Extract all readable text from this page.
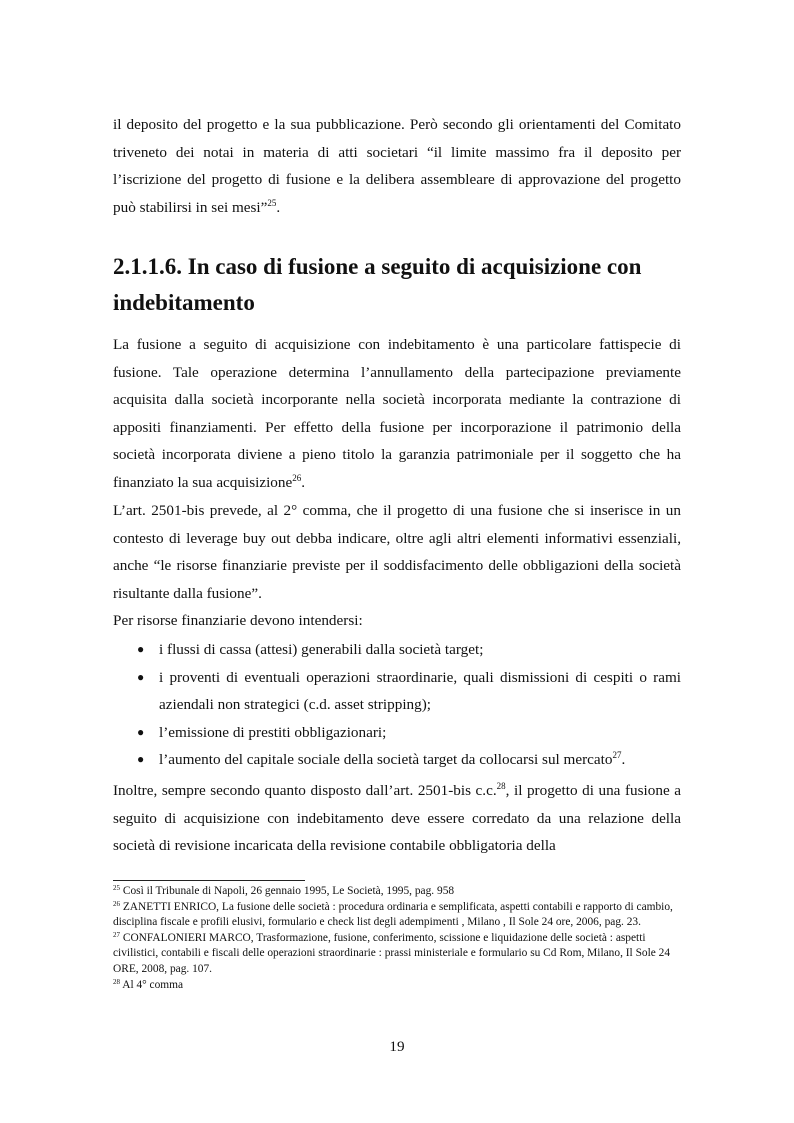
il deposito del progetto e la sua pubblicazione. Però secondo gli orientamenti del Comitato triveneto dei notai in materia di atti societari “il limite massimo fra il deposito per l’iscrizione del progetto di fusione e la delibera assembleare di approvazione del progetto può stabilirsi in sei mesi”$^{25}$.

2.1.1.6. In caso di fusione a seguito di acquisizione con indebitamento

La fusione a seguito di acquisizione con indebitamento è una particolare fattispecie di fusione. Tale operazione determina l’annullamento della partecipazione previamente acquisita dalla società incorporante nella società incorporata mediante la contrazione di appositi finanziamenti. Per effetto della fusione per incorporazione il patrimonio della società incorporata diviene a pieno titolo la garanzia patrimoniale per il soggetto che ha finanziato la sua acquisizione$^{26}$.

L’art. 2501-bis prevede, al 2° comma, che il progetto di una fusione che si inserisce in un contesto di leverage buy out debba indicare, oltre agli altri elementi informativi essenziali, anche “le risorse finanziarie previste per il soddisfacimento delle obbligazioni della società risultante dalla fusione”.

Per risorse finanziarie devono intendersi:

● i flussi di cassa (attesi) generabili dalla società target;
● i proventi di eventuali operazioni straordinarie, quali dismissioni di cespiti o rami aziendali non strategici (c.d. asset stripping);
● l’emissione di prestiti obbligazionari;
● l’aumento del capitale sociale della società target da collocarsi sul mercato$^{27}$.

Inoltre, sempre secondo quanto disposto dall’art. 2501-bis c.c.$^{28}$, il progetto di una fusione a seguito di acquisizione con indebitamento deve essere corredato da una relazione della società di revisione incaricata della revisione contabile obbligatoria della

$^{25}$ Così il Tribunale di Napoli, 26 gennaio 1995, Le Società, 1995, pag. 958

$^{26}$ ZANETTI ENRICO, La fusione delle società : procedura ordinaria e semplificata, aspetti contabili e rapporto di cambio, disciplina fiscale e profili elusivi, formulario e check list degli adempimenti , Milano , Il Sole 24 ore, 2006, pag. 23.

$^{27}$ CONFALONIERI MARCO, Trasformazione, fusione, conferimento, scissione e liquidazione delle società : aspetti civilistici, contabili e fiscali delle operazioni straordinarie : prassi ministeriale e formulario su Cd Rom, Milano, Il Sole 24 ORE, 2008, pag. 107.

$^{28}$ Al 4° comma

19
